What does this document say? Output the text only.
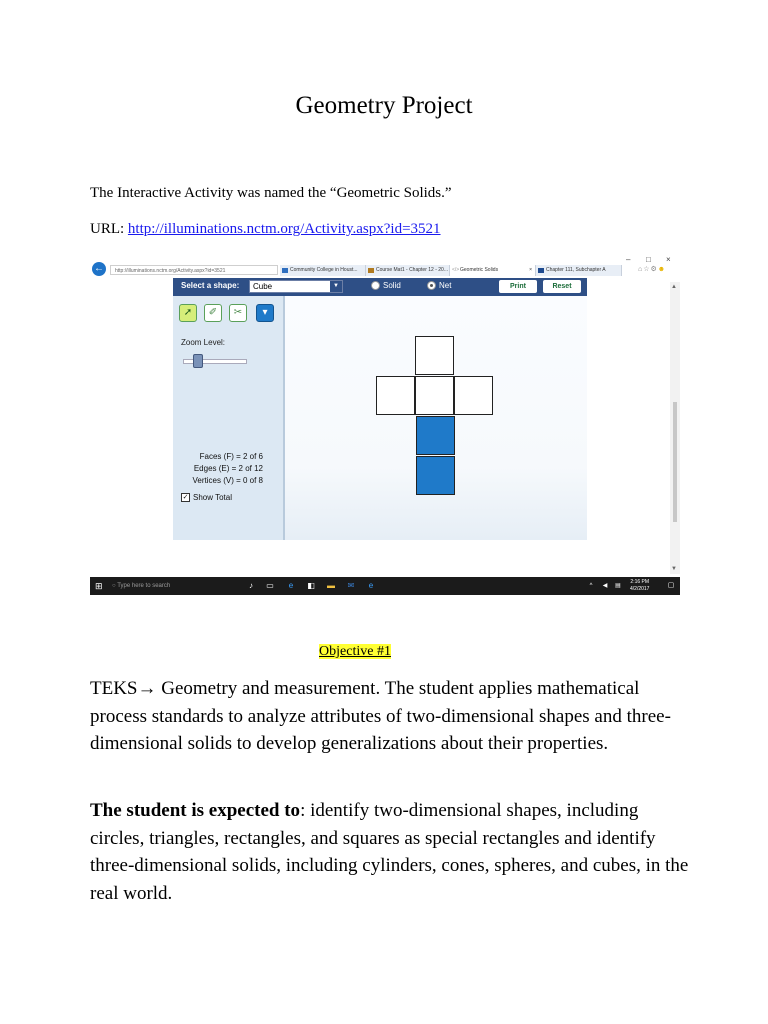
Geometry Project
The Interactive Activity was named the “Geometric Solids.”
URL: http://illuminations.nctm.org/Activity.aspx?id=3521
←	http://illuminations.nctm.org/Activity.aspx?id=3521	Community College in Houst...	Course Mat1 - Chapter 12 - 20... </> Geometric Solids	×	Chapter 111, Subchapter A
– □ ×
⌂☆⚙☻
Select a shape:	Cube	▼	Solid	Net	Print	Reset
➚	✐	✂	▾
Zoom Level:
Faces (F) = 2 of 6
Edges (E) = 2 of 12
Vertices (V) = 0 of 8
✓ Show Total
▲
▼
⊞	○ Type here to search	♪	▭	e	◧ ▬ ✉	e	^	◀	▤
2:16 PM
4/2/2017	▢
Objective #1
TEKS→ Geometry and measurement. The student applies mathematical process standards to analyze attributes of two-dimensional shapes and three-dimensional solids to develop generalizations about their properties.
The student is expected to: identify two-dimensional shapes, including circles, triangles, rectangles, and squares as special rectangles and identify three-dimensional solids, including cylinders, cones, spheres, and cubes, in the real world.
